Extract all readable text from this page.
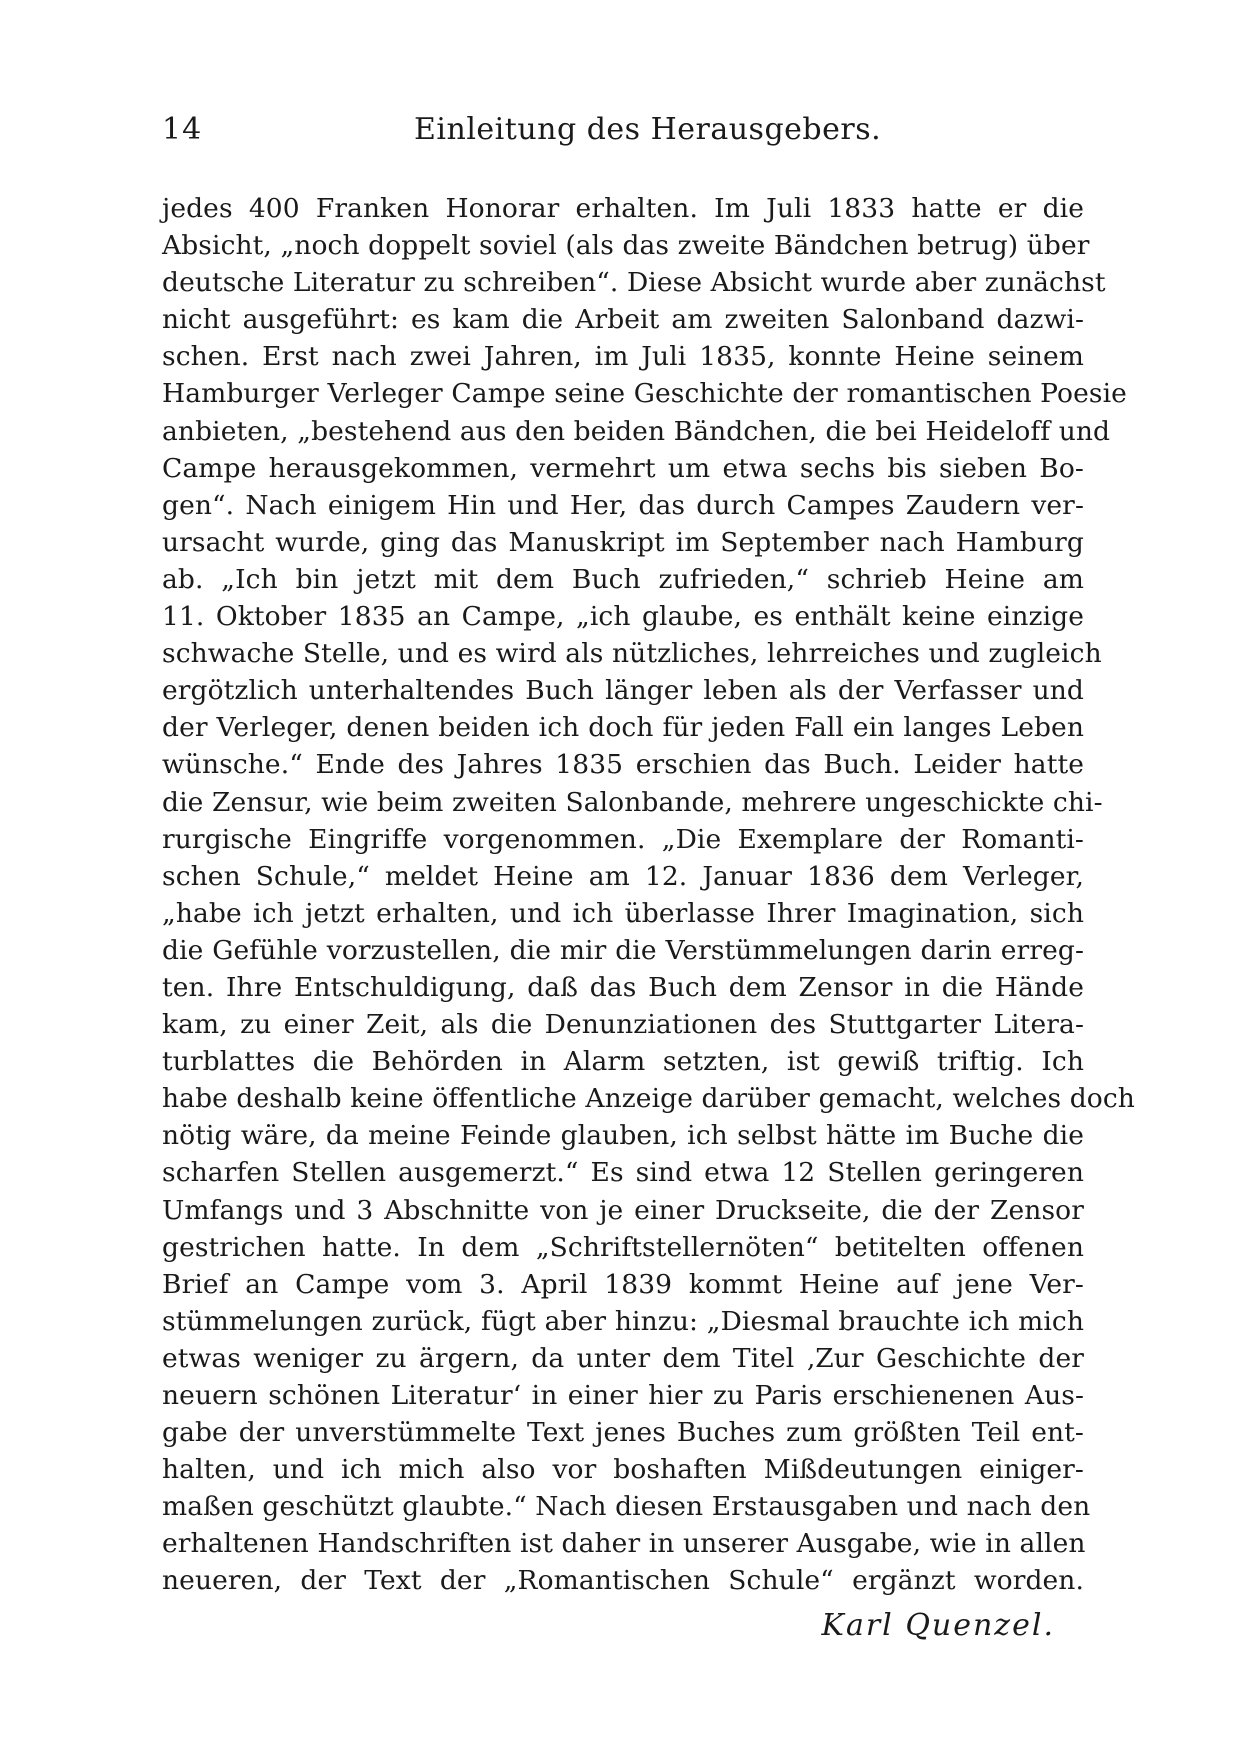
14	Einleitung des Herausgebers.
jedes 400 Franken Honorar erhalten. Im Juli 1833 hatte er die
Absicht, „noch doppelt soviel (als das zweite Bändchen betrug) über
deutsche Literatur zu schreiben“. Diese Absicht wurde aber zunächst
nicht ausgeführt: es kam die Arbeit am zweiten Salonband dazwi-
schen. Erst nach zwei Jahren, im Juli 1835, konnte Heine seinem
Hamburger Verleger Campe seine Geschichte der romantischen Poesie
anbieten, „bestehend aus den beiden Bändchen, die bei Heideloff und
Campe herausgekommen, vermehrt um etwa sechs bis sieben Bo-
gen“. Nach einigem Hin und Her, das durch Campes Zaudern ver-
ursacht wurde, ging das Manuskript im September nach Hamburg
ab. „Ich bin jetzt mit dem Buch zufrieden,“ schrieb Heine am
11. Oktober 1835 an Campe, „ich glaube, es enthält keine einzige
schwache Stelle, und es wird als nützliches, lehrreiches und zugleich
ergötzlich unterhaltendes Buch länger leben als der Verfasser und
der Verleger, denen beiden ich doch für jeden Fall ein langes Leben
wünsche.“ Ende des Jahres 1835 erschien das Buch. Leider hatte
die Zensur, wie beim zweiten Salonbande, mehrere ungeschickte chi-
rurgische Eingriffe vorgenommen. „Die Exemplare der Romanti-
schen Schule,“ meldet Heine am 12. Januar 1836 dem Verleger,
„habe ich jetzt erhalten, und ich überlasse Ihrer Imagination, sich
die Gefühle vorzustellen, die mir die Verstümmelungen darin erreg-
ten. Ihre Entschuldigung, daß das Buch dem Zensor in die Hände
kam, zu einer Zeit, als die Denunziationen des Stuttgarter Litera-
turblattes die Behörden in Alarm setzten, ist gewiß triftig. Ich
habe deshalb keine öffentliche Anzeige darüber gemacht, welches doch
nötig wäre, da meine Feinde glauben, ich selbst hätte im Buche die
scharfen Stellen ausgemerzt.“ Es sind etwa 12 Stellen geringeren
Umfangs und 3 Abschnitte von je einer Druckseite, die der Zensor
gestrichen hatte. In dem „Schriftstellernöten“ betitelten offenen
Brief an Campe vom 3. April 1839 kommt Heine auf jene Ver-
stümmelungen zurück, fügt aber hinzu: „Diesmal brauchte ich mich
etwas weniger zu ärgern, da unter dem Titel ‚Zur Geschichte der
neuern schönen Literatur‘ in einer hier zu Paris erschienenen Aus-
gabe der unverstümmelte Text jenes Buches zum größten Teil ent-
halten, und ich mich also vor boshaften Mißdeutungen einiger-
maßen geschützt glaubte.“ Nach diesen Erstausgaben und nach den
erhaltenen Handschriften ist daher in unserer Ausgabe, wie in allen
neueren, der Text der „Romantischen Schule“ ergänzt worden.
Karl Quenzel.
